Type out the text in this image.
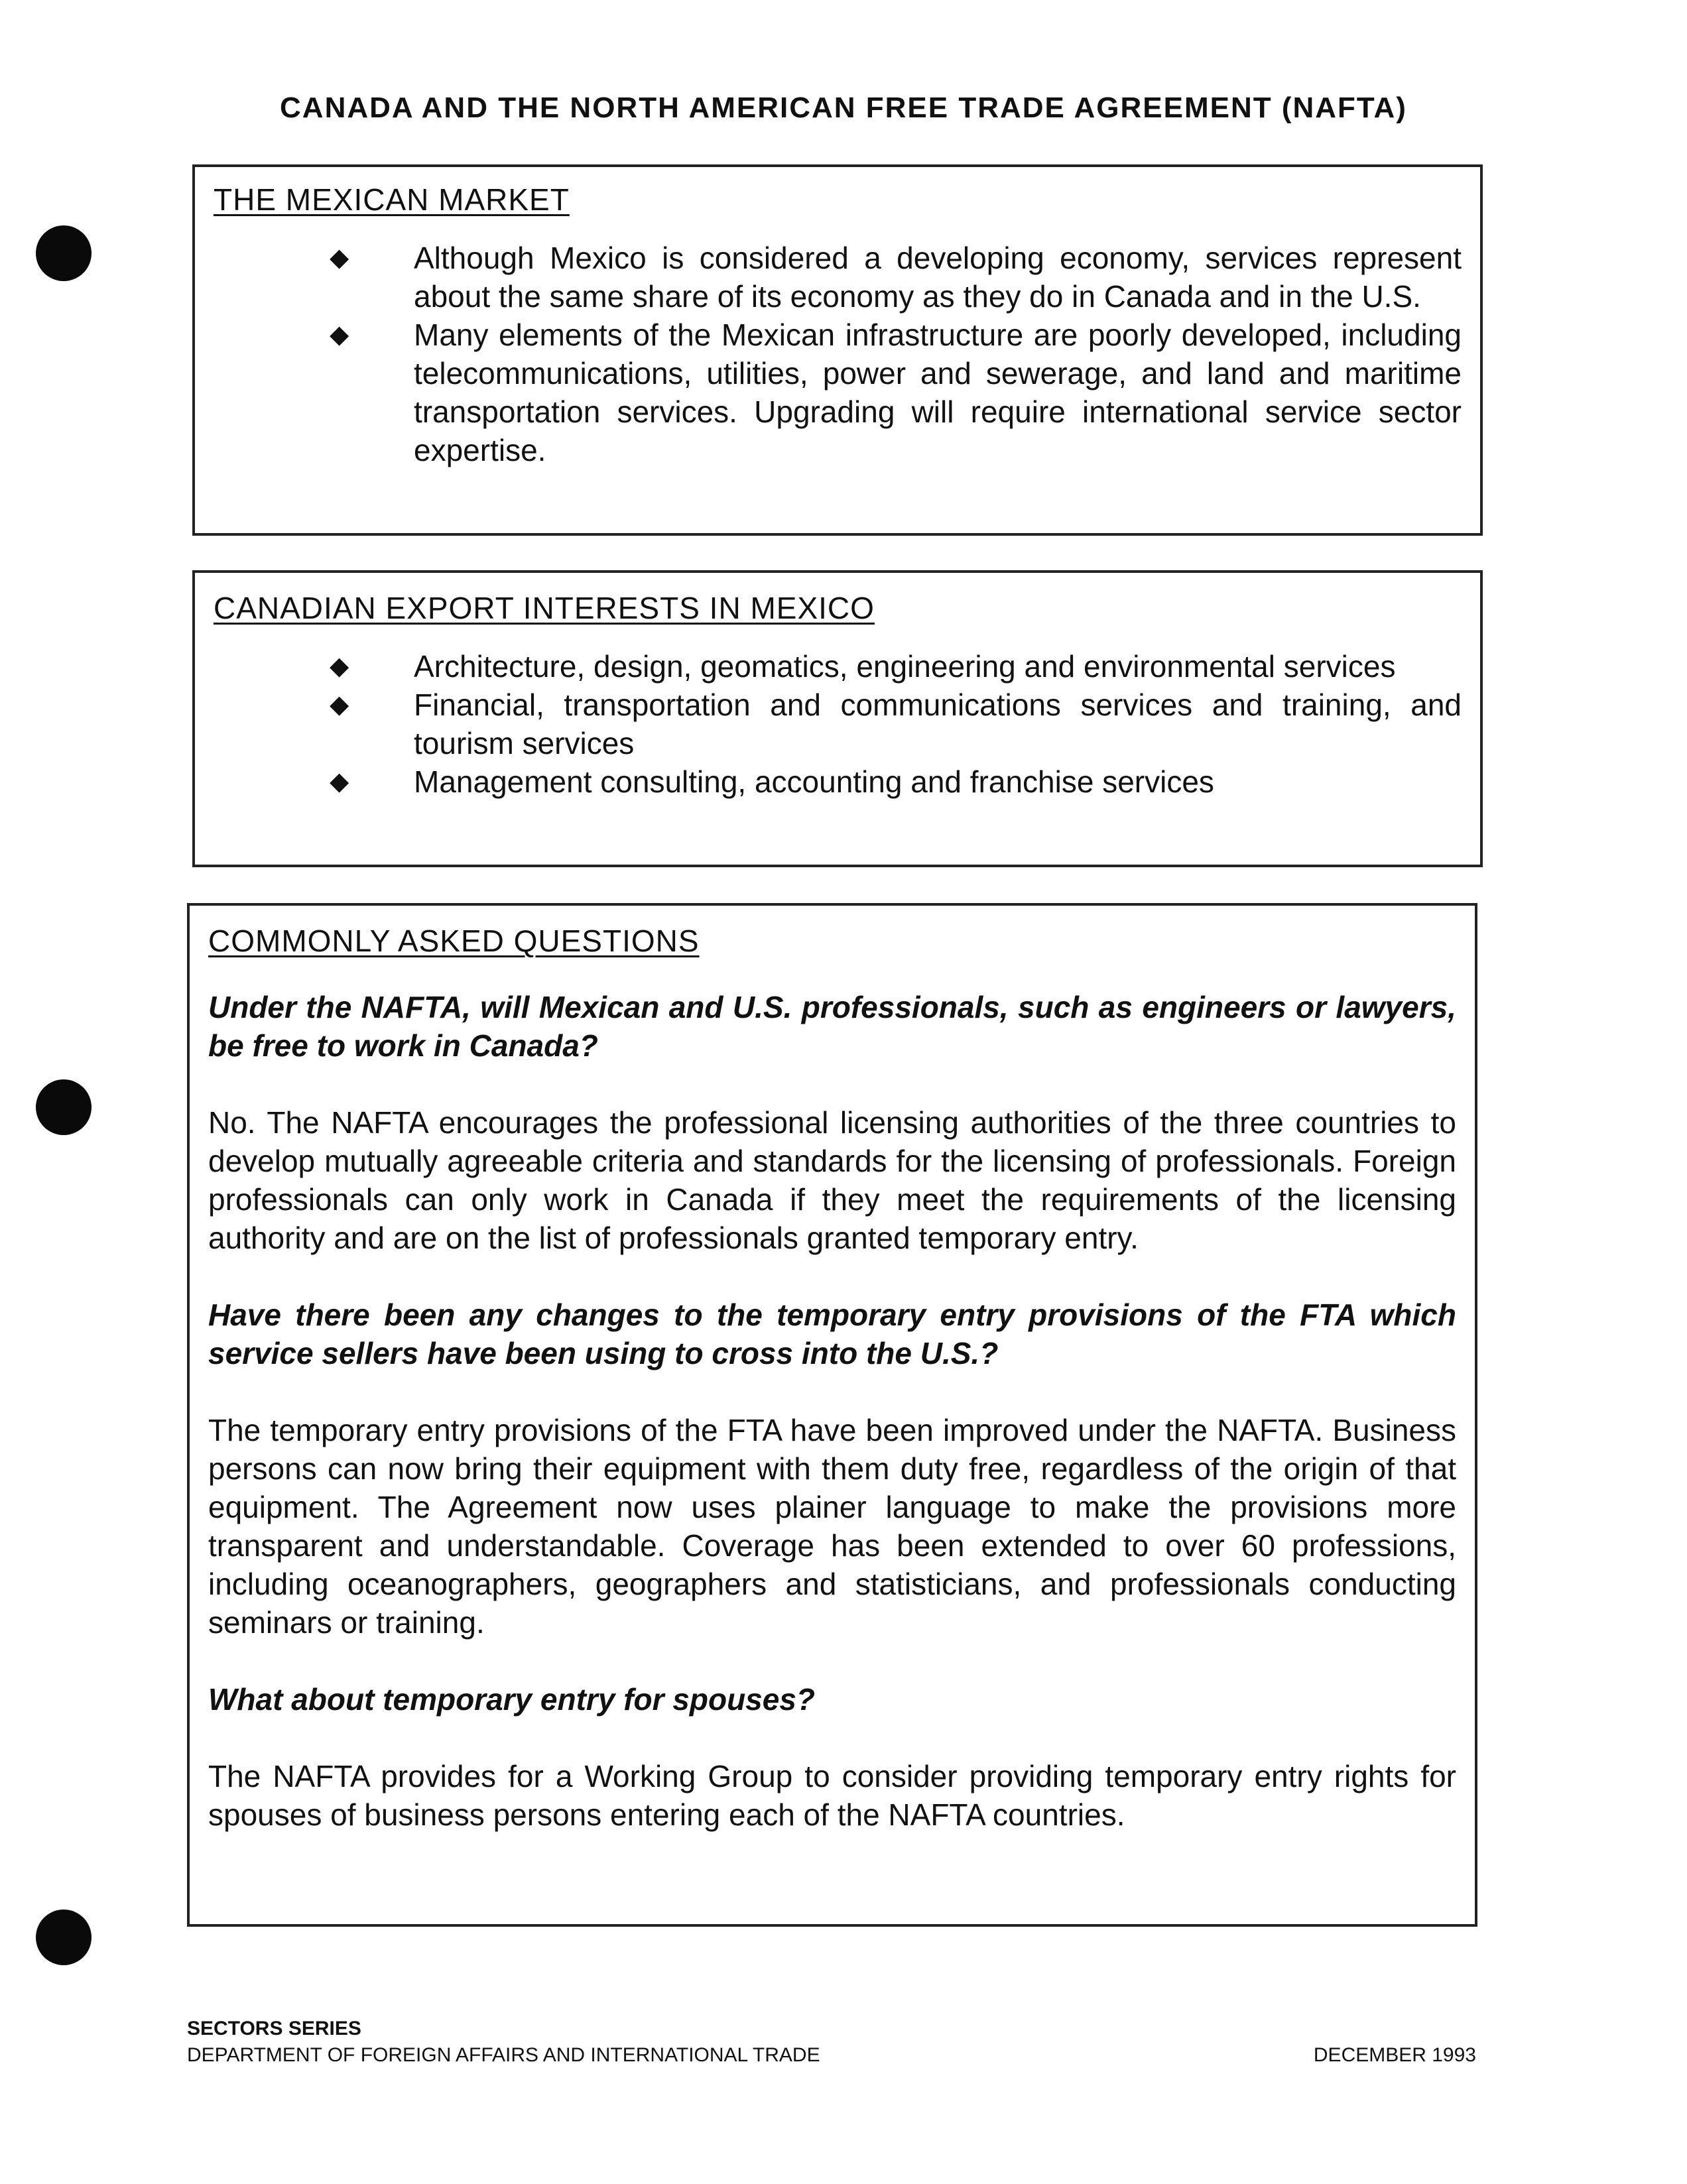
CANADA AND THE NORTH AMERICAN FREE TRADE AGREEMENT (NAFTA)
THE MEXICAN MARKET
◆ Although Mexico is considered a developing economy, services represent about the same share of its economy as they do in Canada and in the U.S.
◆ Many elements of the Mexican infrastructure are poorly developed, including telecommunications, utilities, power and sewerage, and land and maritime transportation services. Upgrading will require international service sector expertise.
CANADIAN EXPORT INTERESTS IN MEXICO
◆ Architecture, design, geomatics, engineering and environmental services
◆ Financial, transportation and communications services and training, and tourism services
◆ Management consulting, accounting and franchise services
COMMONLY ASKED QUESTIONS

Under the NAFTA, will Mexican and U.S. professionals, such as engineers or lawyers, be free to work in Canada?

No. The NAFTA encourages the professional licensing authorities of the three countries to develop mutually agreeable criteria and standards for the licensing of professionals. Foreign professionals can only work in Canada if they meet the requirements of the licensing authority and are on the list of professionals granted temporary entry.

Have there been any changes to the temporary entry provisions of the FTA which service sellers have been using to cross into the U.S.?

The temporary entry provisions of the FTA have been improved under the NAFTA. Business persons can now bring their equipment with them duty free, regardless of the origin of that equipment. The Agreement now uses plainer language to make the provisions more transparent and understandable. Coverage has been extended to over 60 professions, including oceanographers, geographers and statisticians, and professionals conducting seminars or training.

What about temporary entry for spouses?

The NAFTA provides for a Working Group to consider providing temporary entry rights for spouses of business persons entering each of the NAFTA countries.

SECTORS SERIES
DEPARTMENT OF FOREIGN AFFAIRS AND INTERNATIONAL TRADE	DECEMBER 1993
